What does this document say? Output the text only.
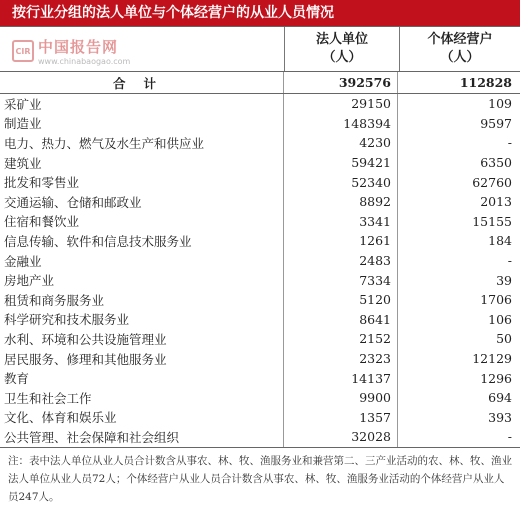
按行业分组的法人单位与个体经营户的从业人员情况
法人单位
（人）
个体经营户
（人）
CIR 中国报告网
www.chinabaogao.com
合计	392576	112828
采矿业	29150	109
制造业	148394	9597
电力、热力、燃气及水生产和供应业	4230	-
建筑业	59421	6350
批发和零售业	52340	62760
交通运输、仓储和邮政业	8892	2013
住宿和餐饮业	3341	15155
信息传输、软件和信息技术服务业	1261	184
金融业	2483	-
房地产业	7334	39
租赁和商务服务业	5120	1706
科学研究和技术服务业	8641	106
水利、环境和公共设施管理业	2152	50
居民服务、修理和其他服务业	2323	12129
教育	14137	1296
卫生和社会工作	9900	694
文化、体育和娱乐业	1357	393
公共管理、社会保障和社会组织	32028	-
注：表中法人单位从业人员合计数含从事农、林、牧、渔服务业和兼营第二、三产业活动的农、林、牧、渔业法人单位从业人员72人；个体经营户从业人员合计数含从事农、林、牧、渔服务业活动的个体经营户从业人员247人。
